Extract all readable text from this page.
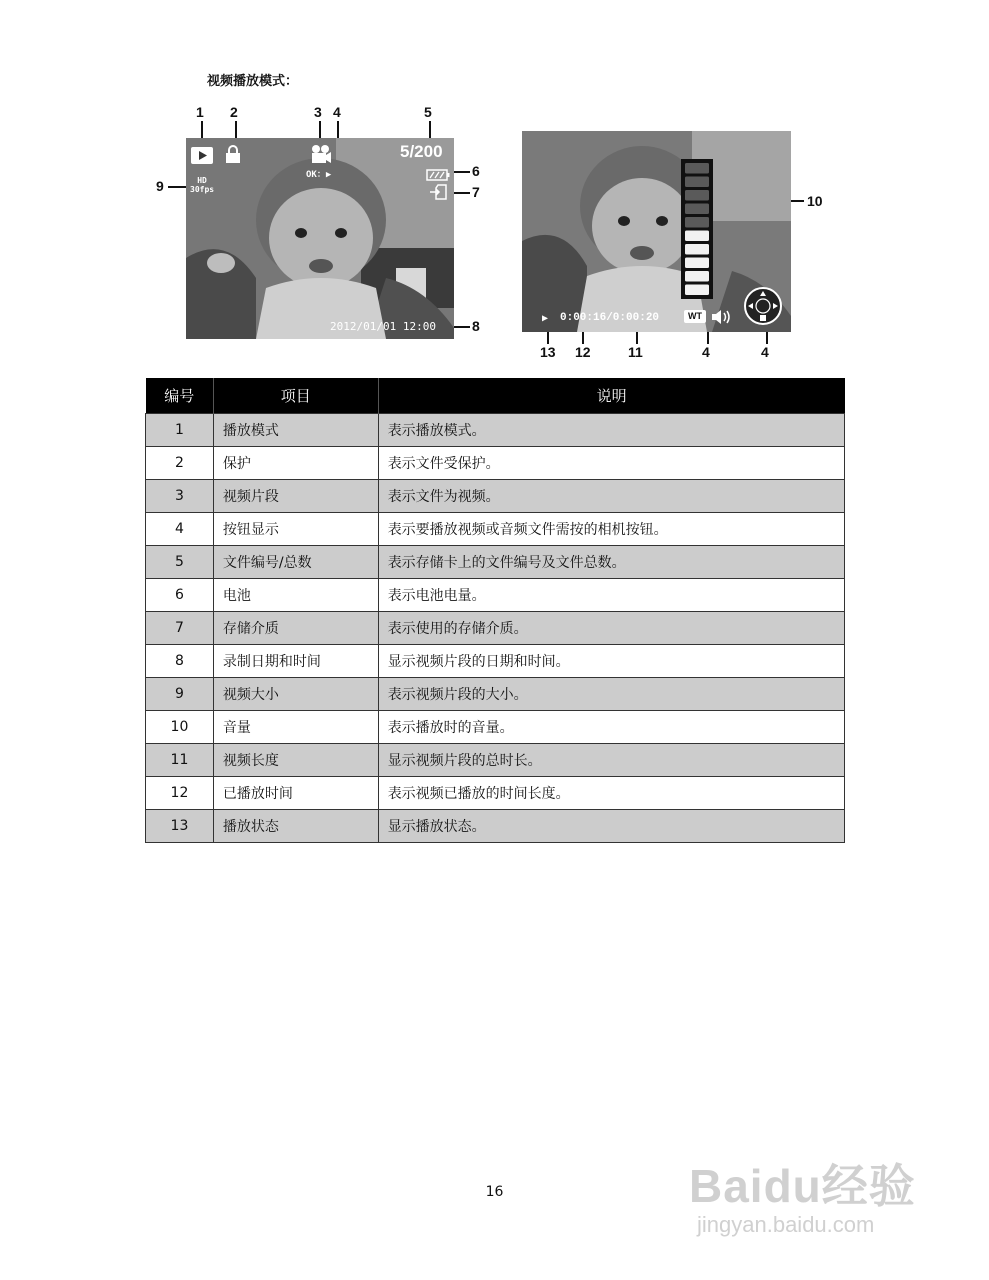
视频播放模式：
1 2	3 4	5
6
7
8
9
OK：▶
5/200
HD
30fps
2012/01/01 12:00
10
13 12	11	4	4
▶ 0:00:16/0:00:20	WT
编号	项目	说明
1	播放模式	表示播放模式。
2	保护	表示文件受保护。
3	视频片段	表示文件为视频。
4	按钮显示	表示要播放视频或音频文件需按的相机按钮。
5	文件编号/总数	表示存储卡上的文件编号及文件总数。
6	电池	表示电池电量。
7	存储介质	表示使用的存储介质。
8	录制日期和时间	显示视频片段的日期和时间。
9	视频大小	表示视频片段的大小。
10	音量	表示播放时的音量。
11	视频长度	显示视频片段的总时长。
12	已播放时间	表示视频已播放的时间长度。
13	播放状态	显示播放状态。
16	Baidu经验
jingyan.baidu.com
